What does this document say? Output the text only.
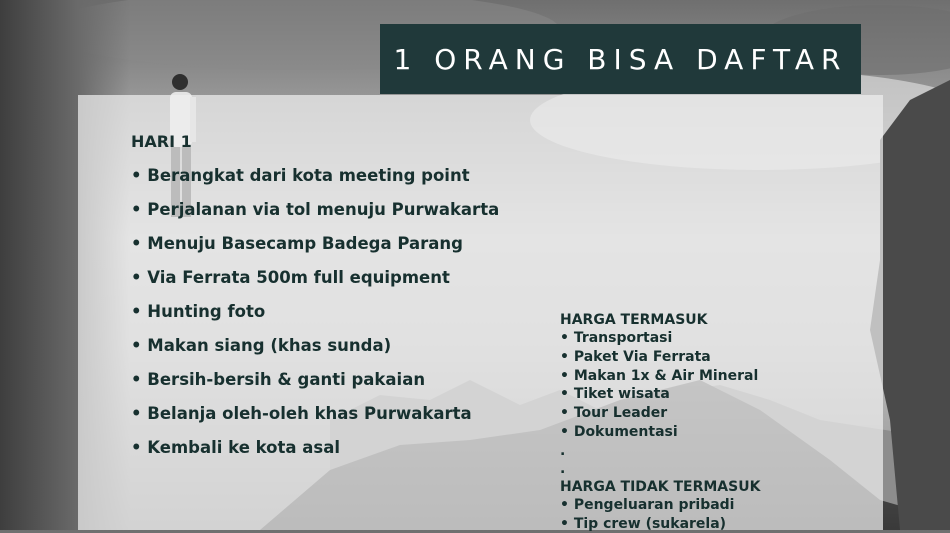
1 ORANG BISA DAFTAR
HARI 1
• Berangkat dari kota meeting point
• Perjalanan via tol menuju Purwakarta
• Menuju Basecamp Badega Parang
• Via Ferrata 500m full equipment
• Hunting foto
• Makan siang (khas sunda)
• Bersih-bersih & ganti pakaian
• Belanja oleh-oleh khas Purwakarta
• Kembali ke kota asal
HARGA TERMASUK
• Transportasi
• Paket Via Ferrata
• Makan 1x & Air Mineral
• Tiket wisata
• Tour Leader
• Dokumentasi
.
.
HARGA TIDAK TERMASUK
• Pengeluaran pribadi
• Tip crew (sukarela)
